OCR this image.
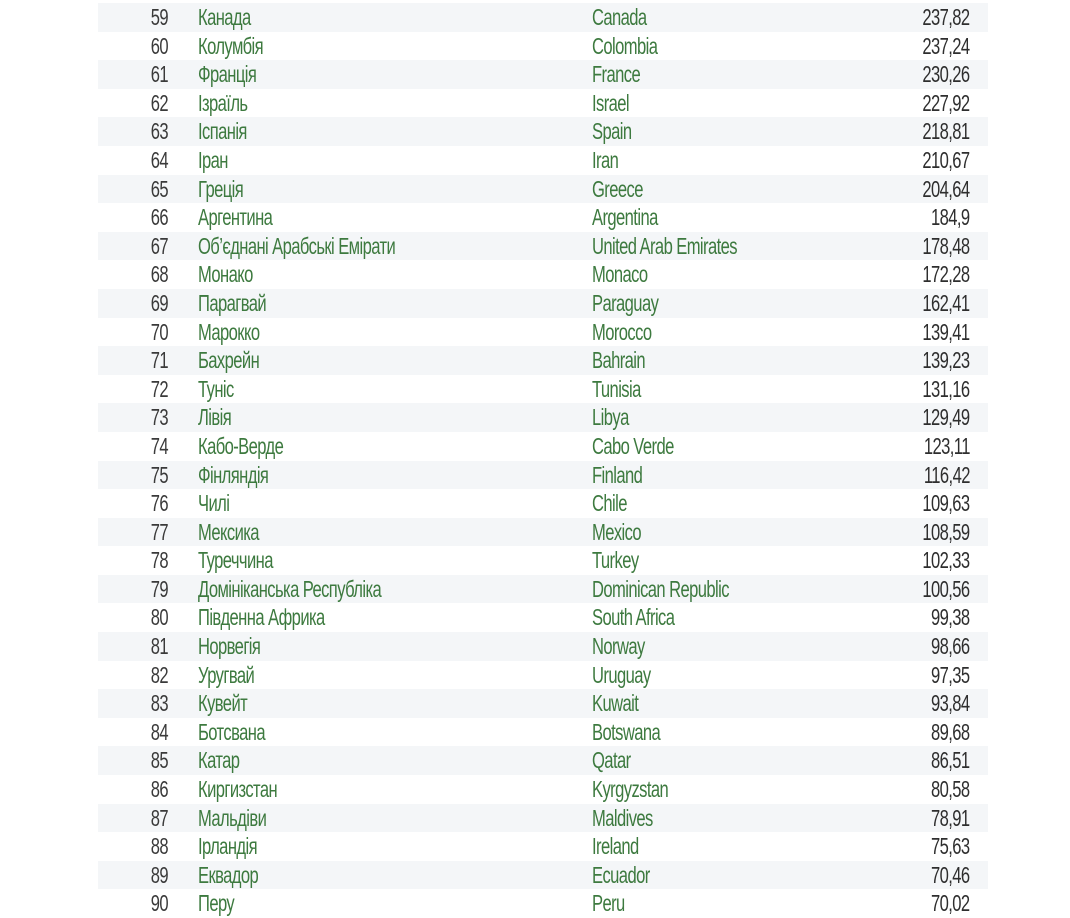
59 Канада	Canada	237,82
60 Колумбія	Colombia	237,24
61 Франція	France	230,26
62 Ізраїль	Israel	227,92
63 Іспанія	Spain	218,81
64 Іран	Iran	210,67
65 Греція	Greece	204,64
66 Аргентина	Argentina	184,9
67 Об’єднані Арабські Емірати	United Arab Emirates	178,48
68 Монако	Monaco	172,28
69 Парагвай	Paraguay	162,41
70 Марокко	Morocco	139,41
71 Бахрейн	Bahrain	139,23
72 Туніс	Tunisia	131,16
73 Лівія	Libya	129,49
74 Кабо-Верде	Cabo Verde	123,11
75 Фінляндія	Finland	116,42
76 Чилі	Chile	109,63
77 Мексика	Mexico	108,59
78 Туреччина	Turkey	102,33
79 Домініканська Республіка	Dominican Republic	100,56
80 Південна Африка	South Africa	99,38
81 Норвегія	Norway	98,66
82 Уругвай	Uruguay	97,35
83 Кувейт	Kuwait	93,84
84 Ботсвана	Botswana	89,68
85 Катар	Qatar	86,51
86 Киргизстан	Kyrgyzstan	80,58
87 Мальдіви	Maldives	78,91
88 Ірландія	Ireland	75,63
89 Еквадор	Ecuador	70,46
90 Перу	Peru	70,02
